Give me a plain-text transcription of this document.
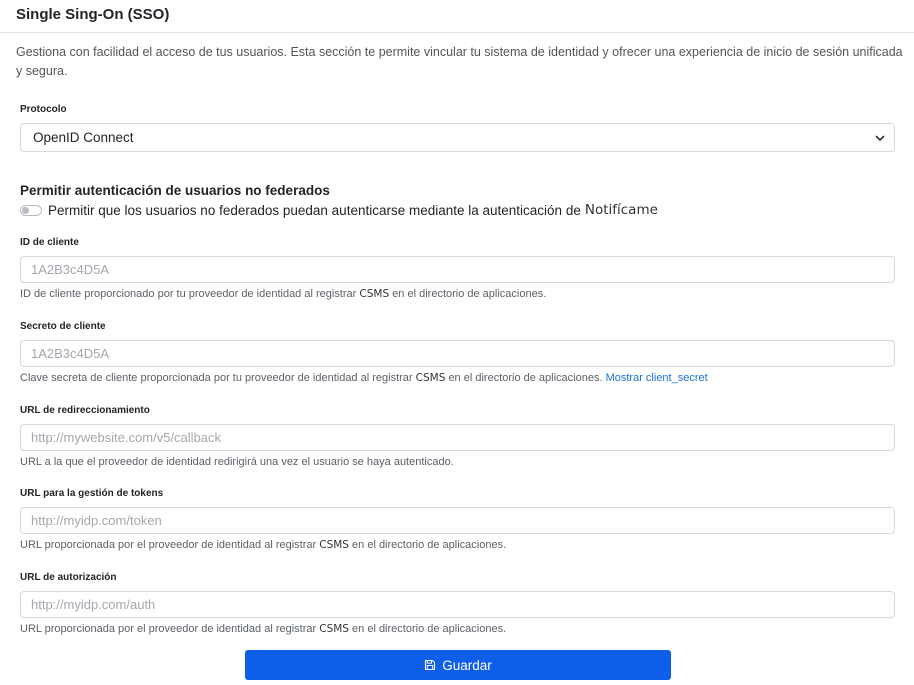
Single Sing-On (SSO)
Gestiona con facilidad el acceso de tus usuarios. Esta sección te permite vincular tu sistema de identidad y ofrecer una experiencia de inicio de sesión unificada y segura.
Protocolo
OpenID Connect
Permitir autenticación de usuarios no federados
Permitir que los usuarios no federados puedan autenticarse mediante la autenticación de Notifícame
ID de cliente
1A2B3c4D5A
ID de cliente proporcionado por tu proveedor de identidad al registrar CSMS en el directorio de aplicaciones.
Secreto de cliente
1A2B3c4D5A
Clave secreta de cliente proporcionada por tu proveedor de identidad al registrar CSMS en el directorio de aplicaciones. Mostrar client_secret
URL de redireccionamiento
http://mywebsite.com/v5/callback
URL a la que el proveedor de identidad redirigirá una vez el usuario se haya autenticado.
URL para la gestión de tokens
http://myidp.com/token
URL proporcionada por el proveedor de identidad al registrar CSMS en el directorio de aplicaciones.
URL de autorización
http://myidp.com/auth
URL proporcionada por el proveedor de identidad al registrar CSMS en el directorio de aplicaciones.
Guardar
